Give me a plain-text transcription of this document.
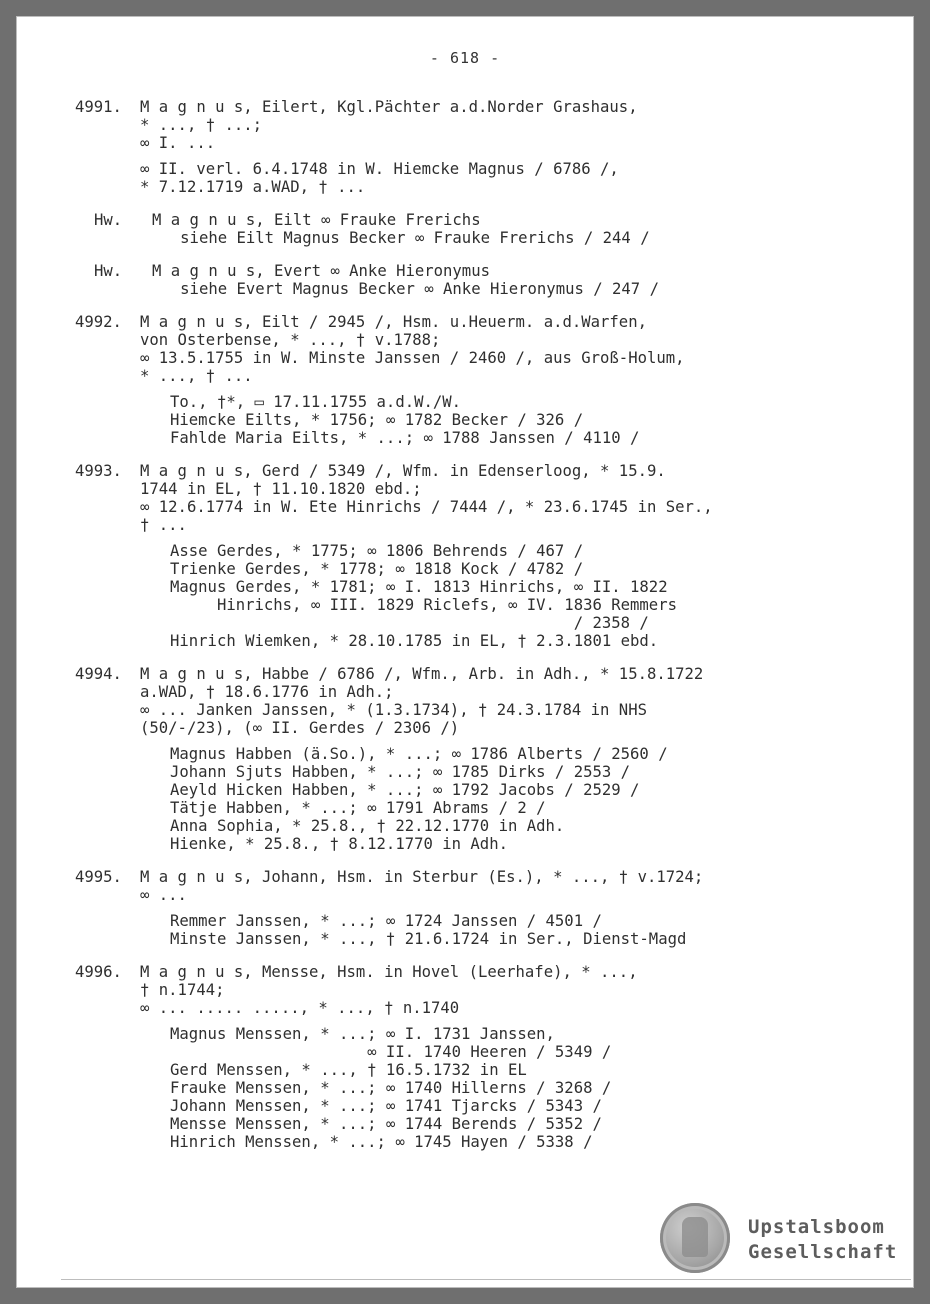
- 618 -
4991.	M a g n u s, Eilert, Kgl.Pächter a.d.Norder Grashaus,
* ..., † ...;
∞ I. ...
∞ II. verl. 6.4.1748 in W. Hiemcke Magnus / 6786 /,
* 7.12.1719 a.WAD, † ...
Hw.	M a g n u s, Eilt ∞ Frauke Frerichs
siehe Eilt Magnus Becker ∞ Frauke Frerichs / 244 /
Hw.	M a g n u s, Evert ∞ Anke Hieronymus
siehe Evert Magnus Becker ∞ Anke Hieronymus / 247 /
4992.	M a g n u s, Eilt / 2945 /, Hsm. u.Heuerm. a.d.Warfen,
von Osterbense, * ..., † v.1788;
∞ 13.5.1755 in W. Minste Janssen / 2460 /, aus Groß-Holum,
* ..., † ...
To., †*, ▭ 17.11.1755 a.d.W./W.
Hiemcke Eilts, * 1756; ∞ 1782 Becker / 326 /
Fahlde Maria Eilts, * ...; ∞ 1788 Janssen / 4110 /
4993.	M a g n u s, Gerd / 5349 /, Wfm. in Edenserloog, * 15.9.
1744 in EL, † 11.10.1820 ebd.;
∞ 12.6.1774 in W. Ete Hinrichs / 7444 /, * 23.6.1745 in Ser.,
† ...
Asse Gerdes, * 1775; ∞ 1806 Behrends / 467 /
Trienke Gerdes, * 1778; ∞ 1818 Kock / 4782 /
Magnus Gerdes, * 1781; ∞ I. 1813 Hinrichs, ∞ II. 1822
Hinrichs, ∞ III. 1829 Riclefs, ∞ IV. 1836 Remmers
/ 2358 /
Hinrich Wiemken, * 28.10.1785 in EL, † 2.3.1801 ebd.
4994.	M a g n u s, Habbe / 6786 /, Wfm., Arb. in Adh., * 15.8.1722
a.WAD, † 18.6.1776 in Adh.;
∞ ... Janken Janssen, * (1.3.1734), † 24.3.1784 in NHS
(50/-/23), (∞ II. Gerdes / 2306 /)
Magnus Habben (ä.So.), * ...; ∞ 1786 Alberts / 2560 /
Johann Sjuts Habben, * ...; ∞ 1785 Dirks / 2553 /
Aeyld Hicken Habben, * ...; ∞ 1792 Jacobs / 2529 /
Tätje Habben, * ...; ∞ 1791 Abrams / 2 /
Anna Sophia, * 25.8., † 22.12.1770 in Adh.
Hienke, * 25.8., † 8.12.1770 in Adh.
4995.	M a g n u s, Johann, Hsm. in Sterbur (Es.), * ..., † v.1724;
∞ ...
Remmer Janssen, * ...; ∞ 1724 Janssen / 4501 /
Minste Janssen, * ..., † 21.6.1724 in Ser., Dienst-Magd
4996.	M a g n u s, Mensse, Hsm. in Hovel (Leerhafe), * ...,
† n.1744;
∞ ... ..... ....., * ..., † n.1740
Magnus Menssen, * ...; ∞ I. 1731 Janssen,
∞ II. 1740 Heeren / 5349 /
Gerd Menssen, * ..., † 16.5.1732 in EL
Frauke Menssen, * ...; ∞ 1740 Hillerns / 3268 /
Johann Menssen, * ...; ∞ 1741 Tjarcks / 5343 /
Mensse Menssen, * ...; ∞ 1744 Berends / 5352 /
Hinrich Menssen, * ...; ∞ 1745 Hayen / 5338 /
Upstalsboom
Gesellschaft
